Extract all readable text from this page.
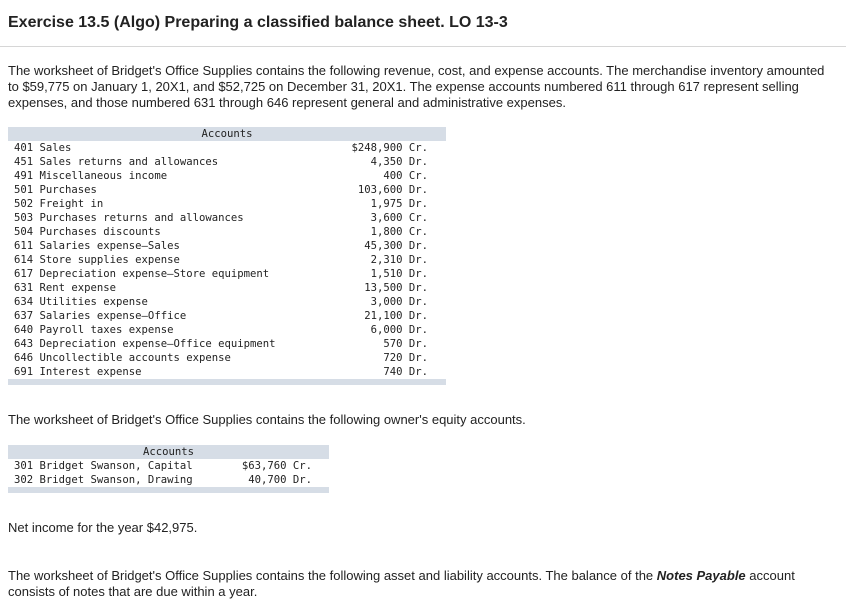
Exercise 13.5 (Algo) Preparing a classified balance sheet. LO 13-3
The worksheet of Bridget's Office Supplies contains the following revenue, cost, and expense accounts. The merchandise inventory amounted to $59,775 on January 1, 20X1, and $52,725 on December 31, 20X1. The expense accounts numbered 611 through 617 represent selling expenses, and those numbered 631 through 646 represent general and administrative expenses.
Accounts
401 Sales	$248,900 Cr.
451 Sales returns and allowances	4,350 Dr.
491 Miscellaneous income	400 Cr.
501 Purchases	103,600 Dr.
502 Freight in	1,975 Dr.
503 Purchases returns and allowances	3,600 Cr.
504 Purchases discounts	1,800 Cr.
611 Salaries expense–Sales	45,300 Dr.
614 Store supplies expense	2,310 Dr.
617 Depreciation expense–Store equipment	1,510 Dr.
631 Rent expense	13,500 Dr.
634 Utilities expense	3,000 Dr.
637 Salaries expense–Office	21,100 Dr.
640 Payroll taxes expense	6,000 Dr.
643 Depreciation expense–Office equipment	570 Dr.
646 Uncollectible accounts expense	720 Dr.
691 Interest expense	740 Dr.
The worksheet of Bridget's Office Supplies contains the following owner's equity accounts.
Accounts
301 Bridget Swanson, Capital	$63,760 Cr.
302 Bridget Swanson, Drawing	40,700 Dr.
Net income for the year $42,975.
The worksheet of Bridget's Office Supplies contains the following asset and liability accounts. The balance of the Notes Payable account consists of notes that are due within a year.
